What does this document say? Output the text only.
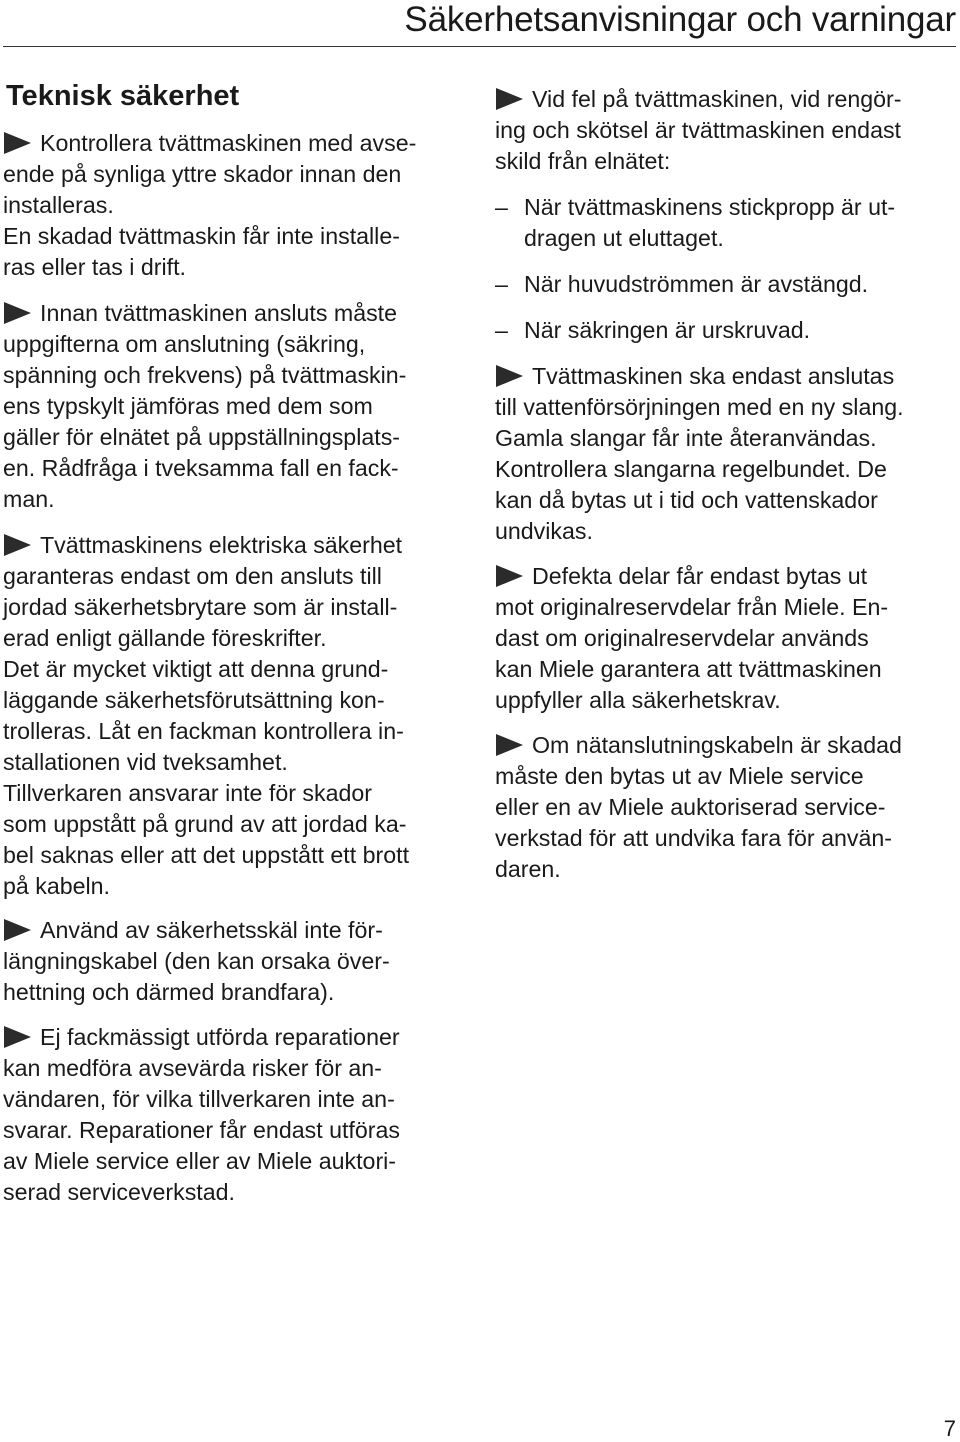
Säkerhetsanvisningar och varningar
Teknisk säkerhet
Kontrollera tvättmaskinen med avse-
ende på synliga yttre skador innan den
installeras.
En skadad tvättmaskin får inte installe-
ras eller tas i drift.
Innan tvättmaskinen ansluts måste
uppgifterna om anslutning (säkring,
spänning och frekvens) på tvättmaskin-
ens typskylt jämföras med dem som
gäller för elnätet på uppställningsplats-
en. Rådfråga i tveksamma fall en fack-
man.
Tvättmaskinens elektriska säkerhet
garanteras endast om den ansluts till
jordad säkerhetsbrytare som är install-
erad enligt gällande föreskrifter.
Det är mycket viktigt att denna grund-
läggande säkerhetsförutsättning kon-
trolleras. Låt en fackman kontrollera in-
stallationen vid tveksamhet.
Tillverkaren ansvarar inte för skador
som uppstått på grund av att jordad ka-
bel saknas eller att det uppstått ett brott
på kabeln.
Använd av säkerhetsskäl inte för-
längningskabel (den kan orsaka över-
hettning och därmed brandfara).
Ej fackmässigt utförda reparationer
kan medföra avsevärda risker för an-
vändaren, för vilka tillverkaren inte an-
svarar. Reparationer får endast utföras
av Miele service eller av Miele auktori-
serad serviceverkstad.
Vid fel på tvättmaskinen, vid rengör-
ing och skötsel är tvättmaskinen endast
skild från elnätet:
– När tvättmaskinens stickpropp är ut-
dragen ut eluttaget.
– När huvudströmmen är avstängd.
– När säkringen är urskruvad.
Tvättmaskinen ska endast anslutas
till vattenförsörjningen med en ny slang.
Gamla slangar får inte återanvändas.
Kontrollera slangarna regelbundet. De
kan då bytas ut i tid och vattenskador
undvikas.
Defekta delar får endast bytas ut
mot originalreservdelar från Miele. En-
dast om originalreservdelar används
kan Miele garantera att tvättmaskinen
uppfyller alla säkerhetskrav.
Om nätanslutningskabeln är skadad
måste den bytas ut av Miele service
eller en av Miele auktoriserad service-
verkstad för att undvika fara för använ-
daren.
7
